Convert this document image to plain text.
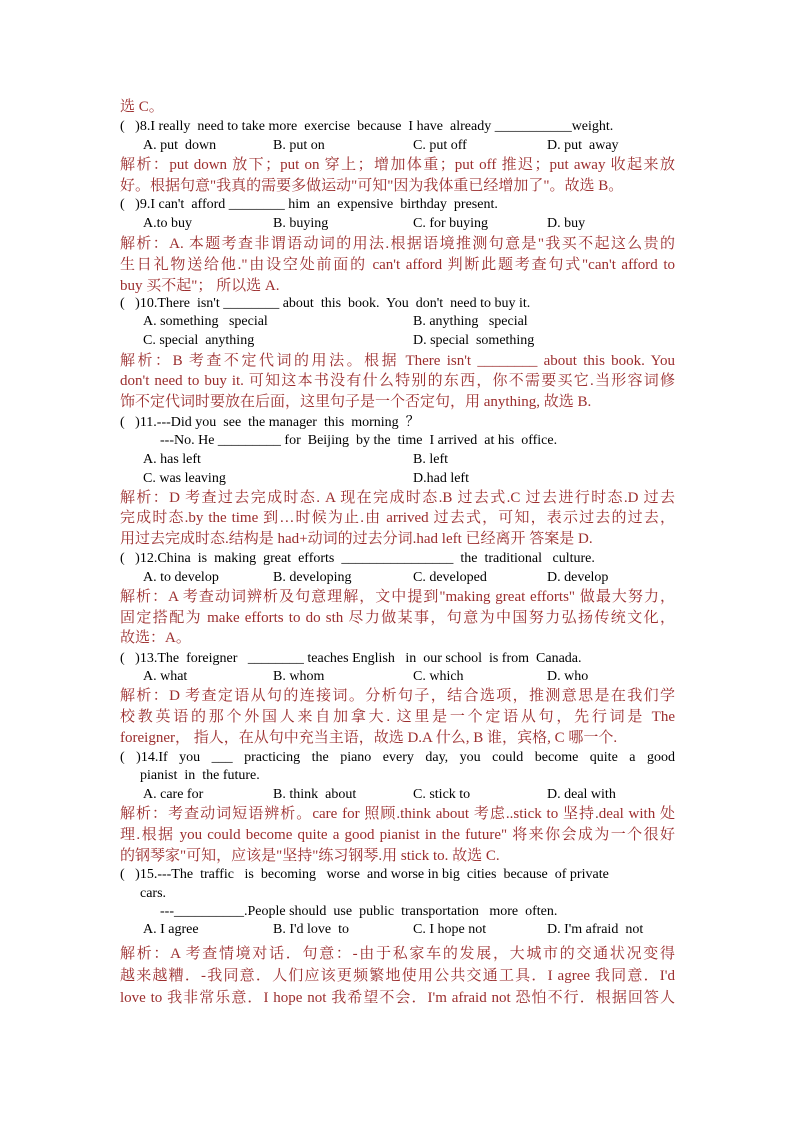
选 C。
(   )8.I really  need to take more  exercise  because  I have  already ___________weight.
A. put  down	B. put on	C. put off	D. put  away
解析：put down 放下；put on 穿上；增加体重；put off 推迟；put away 收起来放
好。根据句意"我真的需要多做运动"可知"因为我体重已经增加了"。故选 B。
(   )9.I can't  afford ________ him  an  expensive  birthday  present.
A.to buy	B. buying	C. for buying	D. buy
解析：A. 本题考查非谓语动词的用法.根据语境推测句意是"我买不起这么贵的
生日礼物送给他."由设空处前面的 can't afford 判断此题考查句式"can't afford to
buy 买不起"； 所以选 A.
(   )10.There  isn't ________ about  this  book.  You  don't  need to buy it.
A. something   special	B. anything   special
C. special  anything	D. special  something
解析：B 考查不定代词的用法。根据 There isn't ________ about this book. You
don't need to buy it. 可知这本书没有什么特别的东西，你不需要买它.当形容词修
饰不定代词时要放在后面，这里句子是一个否定句，用 anything, 故选 B.
(   )11.---Did you  see  the manager  this  morning  ？
---No. He _________ for  Beijing  by the  time  I arrived  at his  office.
A. has left	B. left
C. was leaving	D.had left
解析：D 考查过去完成时态. A 现在完成时态.B 过去式.C 过去进行时态.D 过去
完成时态.by the time 到…时候为止.由 arrived 过去式，可知，表示过去的过去，
用过去完成时态.结构是 had+动词的过去分词.had left 已经离开 答案是 D.
(   )12.China  is  making  great  efforts  ________________  the  traditional   culture.
A. to develop	B. developing	C. developed	D. develop
解析：A 考查动词辨析及句意理解，文中提到"making great efforts" 做最大努力，
固定搭配为 make efforts to do sth 尽力做某事，句意为中国努力弘扬传统文化，
故选：A。
(   )13.The  foreigner   ________ teaches English   in  our school  is from  Canada.
A. what	B. whom	C. which	D. who
解析：D 考查定语从句的连接词。分析句子，结合选项，推测意思是在我们学
校教英语的那个外国人来自加拿大. 这里是一个定语从句，先行词是 The
foreigner， 指人，在从句中充当主语，故选 D.A 什么, B 谁，宾格, C 哪一个.
( )14.If you ___ practicing the piano every day, you could become quite a good
pianist  in  the future.
A. care for	B. think  about	C. stick to	D. deal with
解析：考查动词短语辨析。care for 照顾.think about 考虑..stick to 坚持.deal with 处
理.根据 you could become quite a good pianist in the future" 将来你会成为一个很好
的钢琴家"可知，应该是"坚持"练习钢琴.用 stick to. 故选 C.
(   )15.---The  traffic   is  becoming   worse  and worse in big  cities  because  of private
cars.
---__________.People should  use  public  transportation   more  often.
A. I agree	B. I'd love  to	C. I hope not	D. I'm afraid  not
解析：A 考查情境对话．句意：-由于私家车的发展，大城市的交通状况变得
越来越糟．-我同意．人们应该更频繁地使用公共交通工具．I agree 我同意．I'd
love to 我非常乐意．I hope not 我希望不会．I'm afraid not 恐怕不行．根据回答人
